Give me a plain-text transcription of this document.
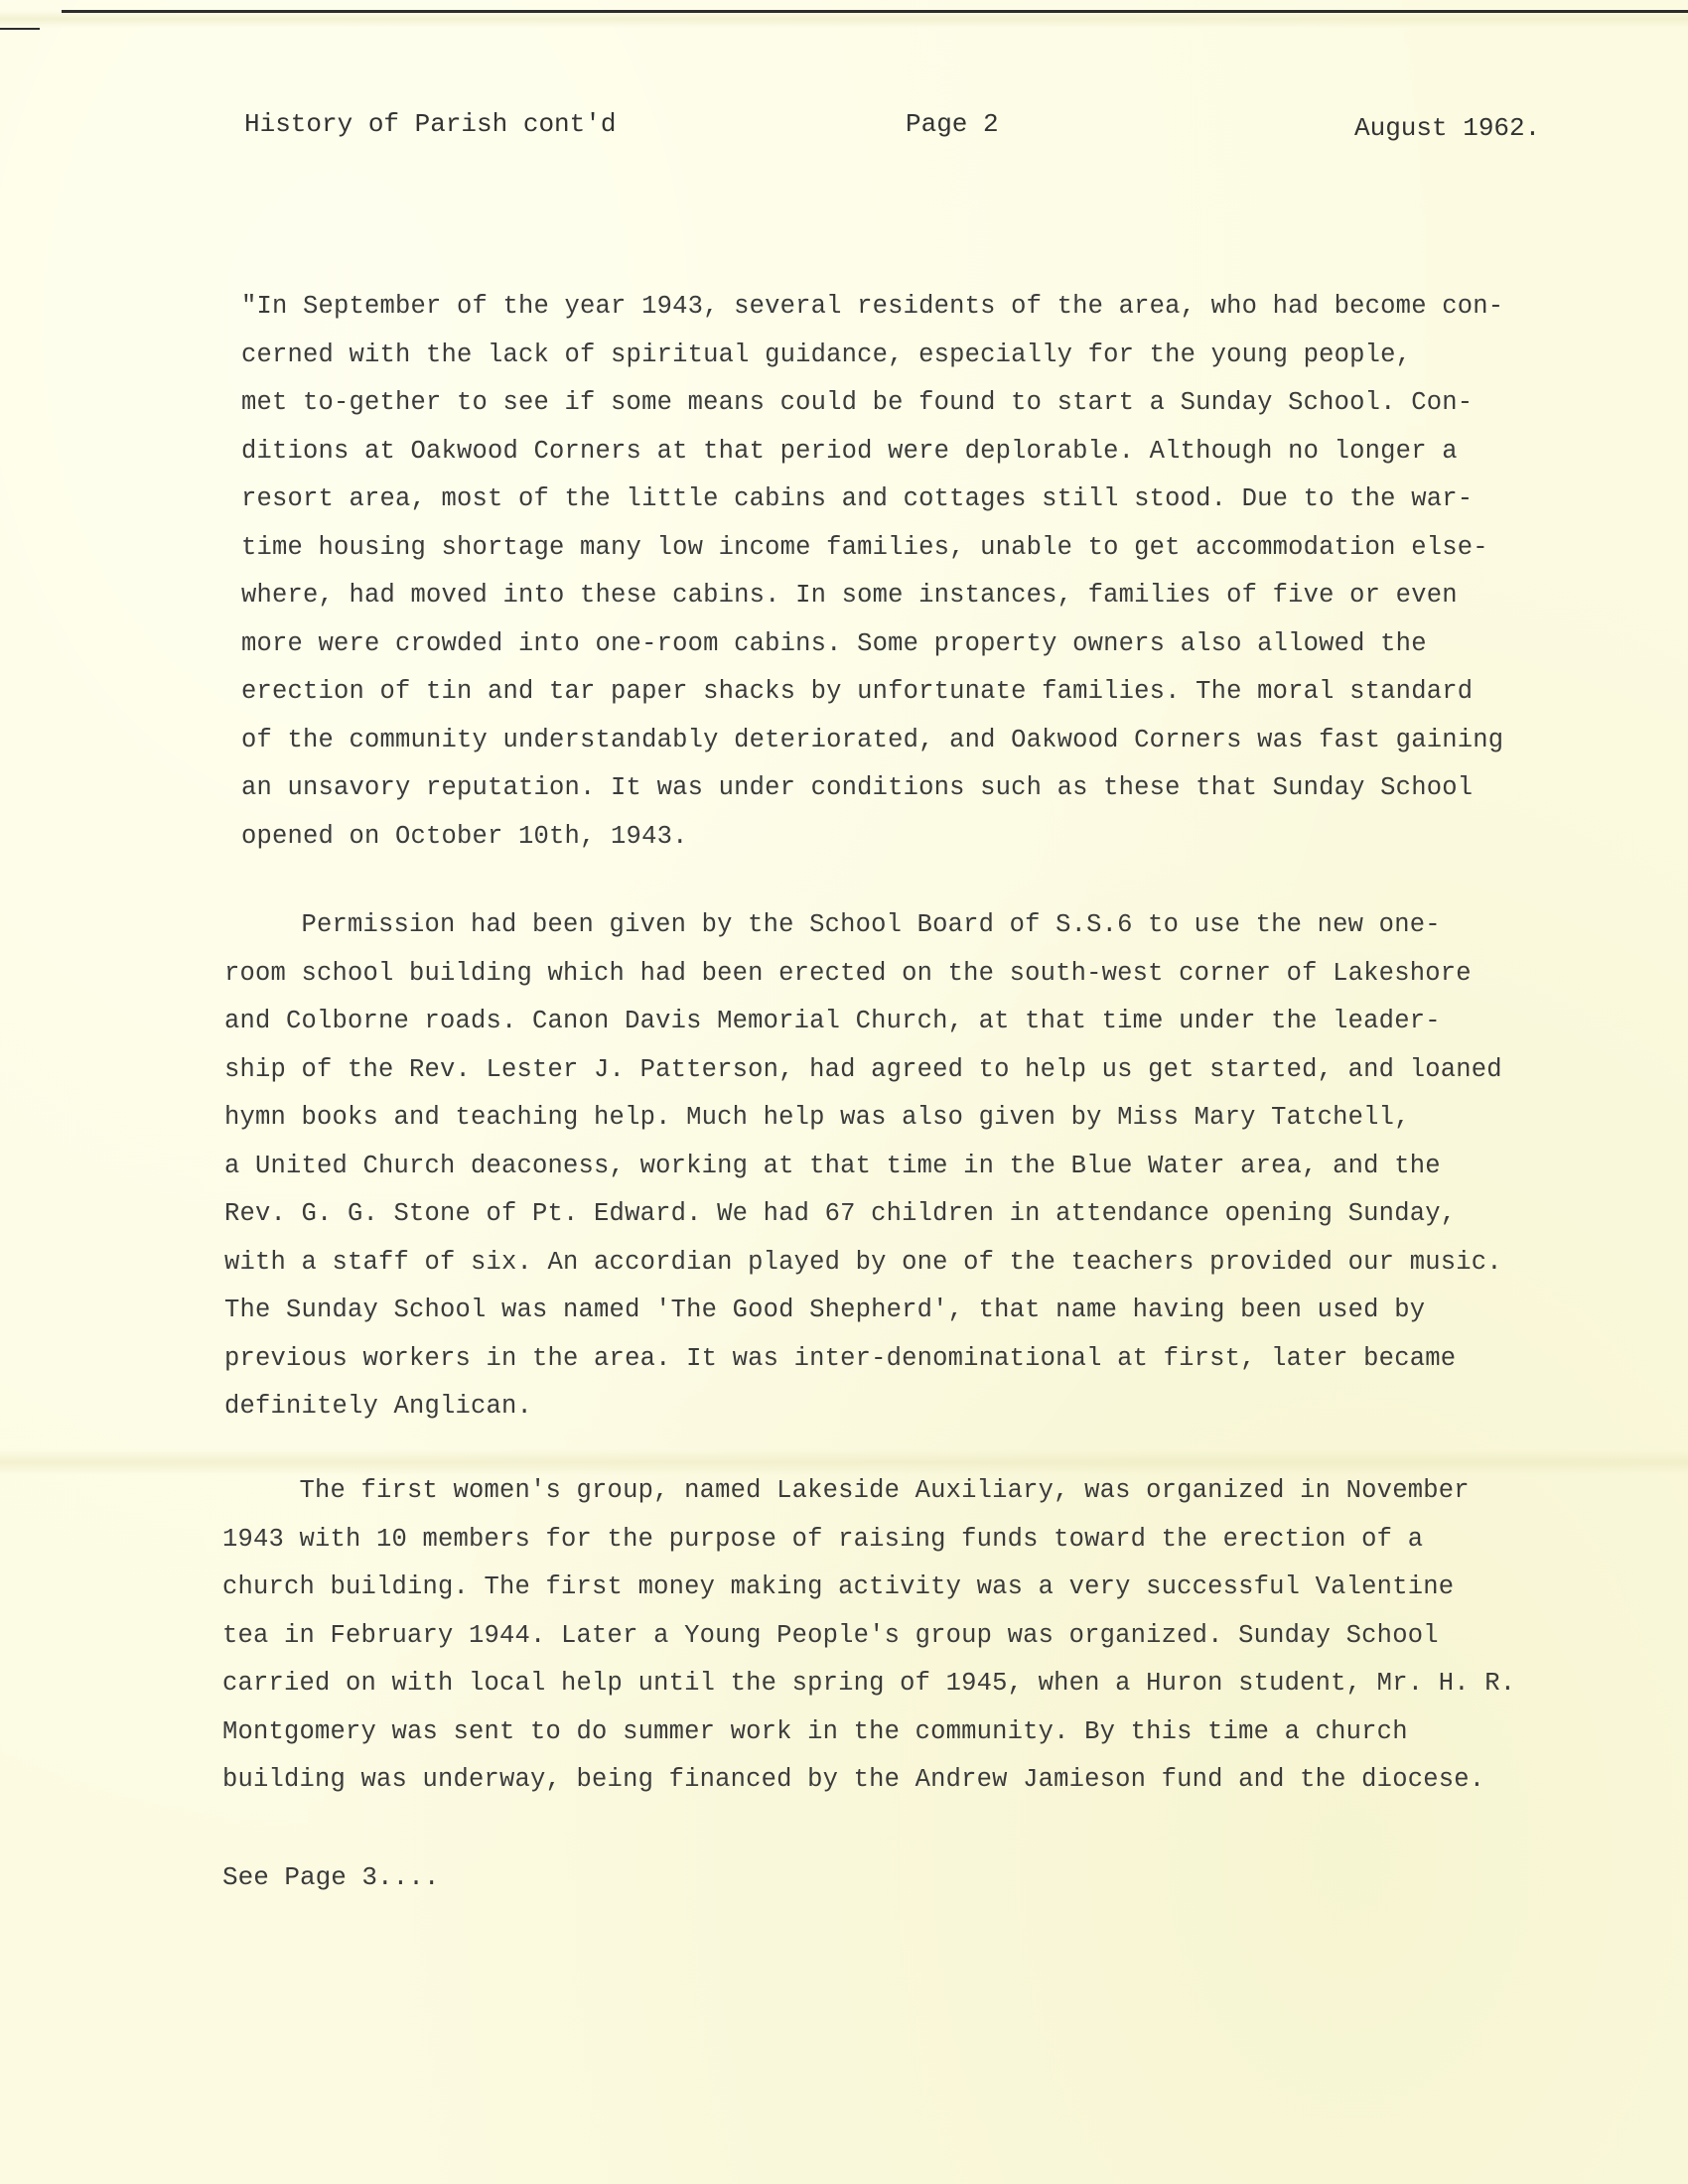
History of Parish cont'd	Page 2	August 1962.
"In September of the year 1943, several residents of the area, who had become con-
cerned with the lack of spiritual guidance, especially for the young people,
met to-gether to see if some means could be found to start a Sunday School. Con-
ditions at Oakwood Corners at that period were deplorable. Although no longer a
resort area, most of the little cabins and cottages still stood. Due to the war-
time housing shortage many low income families, unable to get accommodation else-
where, had moved into these cabins. In some instances, families of five or even
more were crowded into one-room cabins. Some property owners also allowed the
erection of tin and tar paper shacks by unfortunate families. The moral standard
of the community understandably deteriorated, and Oakwood Corners was fast gaining
an unsavory reputation. It was under conditions such as these that Sunday School
opened on October 10th, 1943.
Permission had been given by the School Board of S.S.6 to use the new one-
room school building which had been erected on the south-west corner of Lakeshore
and Colborne roads. Canon Davis Memorial Church, at that time under the leader-
ship of the Rev. Lester J. Patterson, had agreed to help us get started, and loaned
hymn books and teaching help. Much help was also given by Miss Mary Tatchell,
a United Church deaconess, working at that time in the Blue Water area, and the
Rev. G. G. Stone of Pt. Edward. We had 67 children in attendance opening Sunday,
with a staff of six. An accordian played by one of the teachers provided our music.
The Sunday School was named 'The Good Shepherd', that name having been used by
previous workers in the area. It was inter-denominational at first, later became
definitely Anglican.
The first women's group, named Lakeside Auxiliary, was organized in November
1943 with 10 members for the purpose of raising funds toward the erection of a
church building. The first money making activity was a very successful Valentine
tea in February 1944. Later a Young People's group was organized. Sunday School
carried on with local help until the spring of 1945, when a Huron student, Mr. H. R.
Montgomery was sent to do summer work in the community. By this time a church
building was underway, being financed by the Andrew Jamieson fund and the diocese.
See Page 3....
